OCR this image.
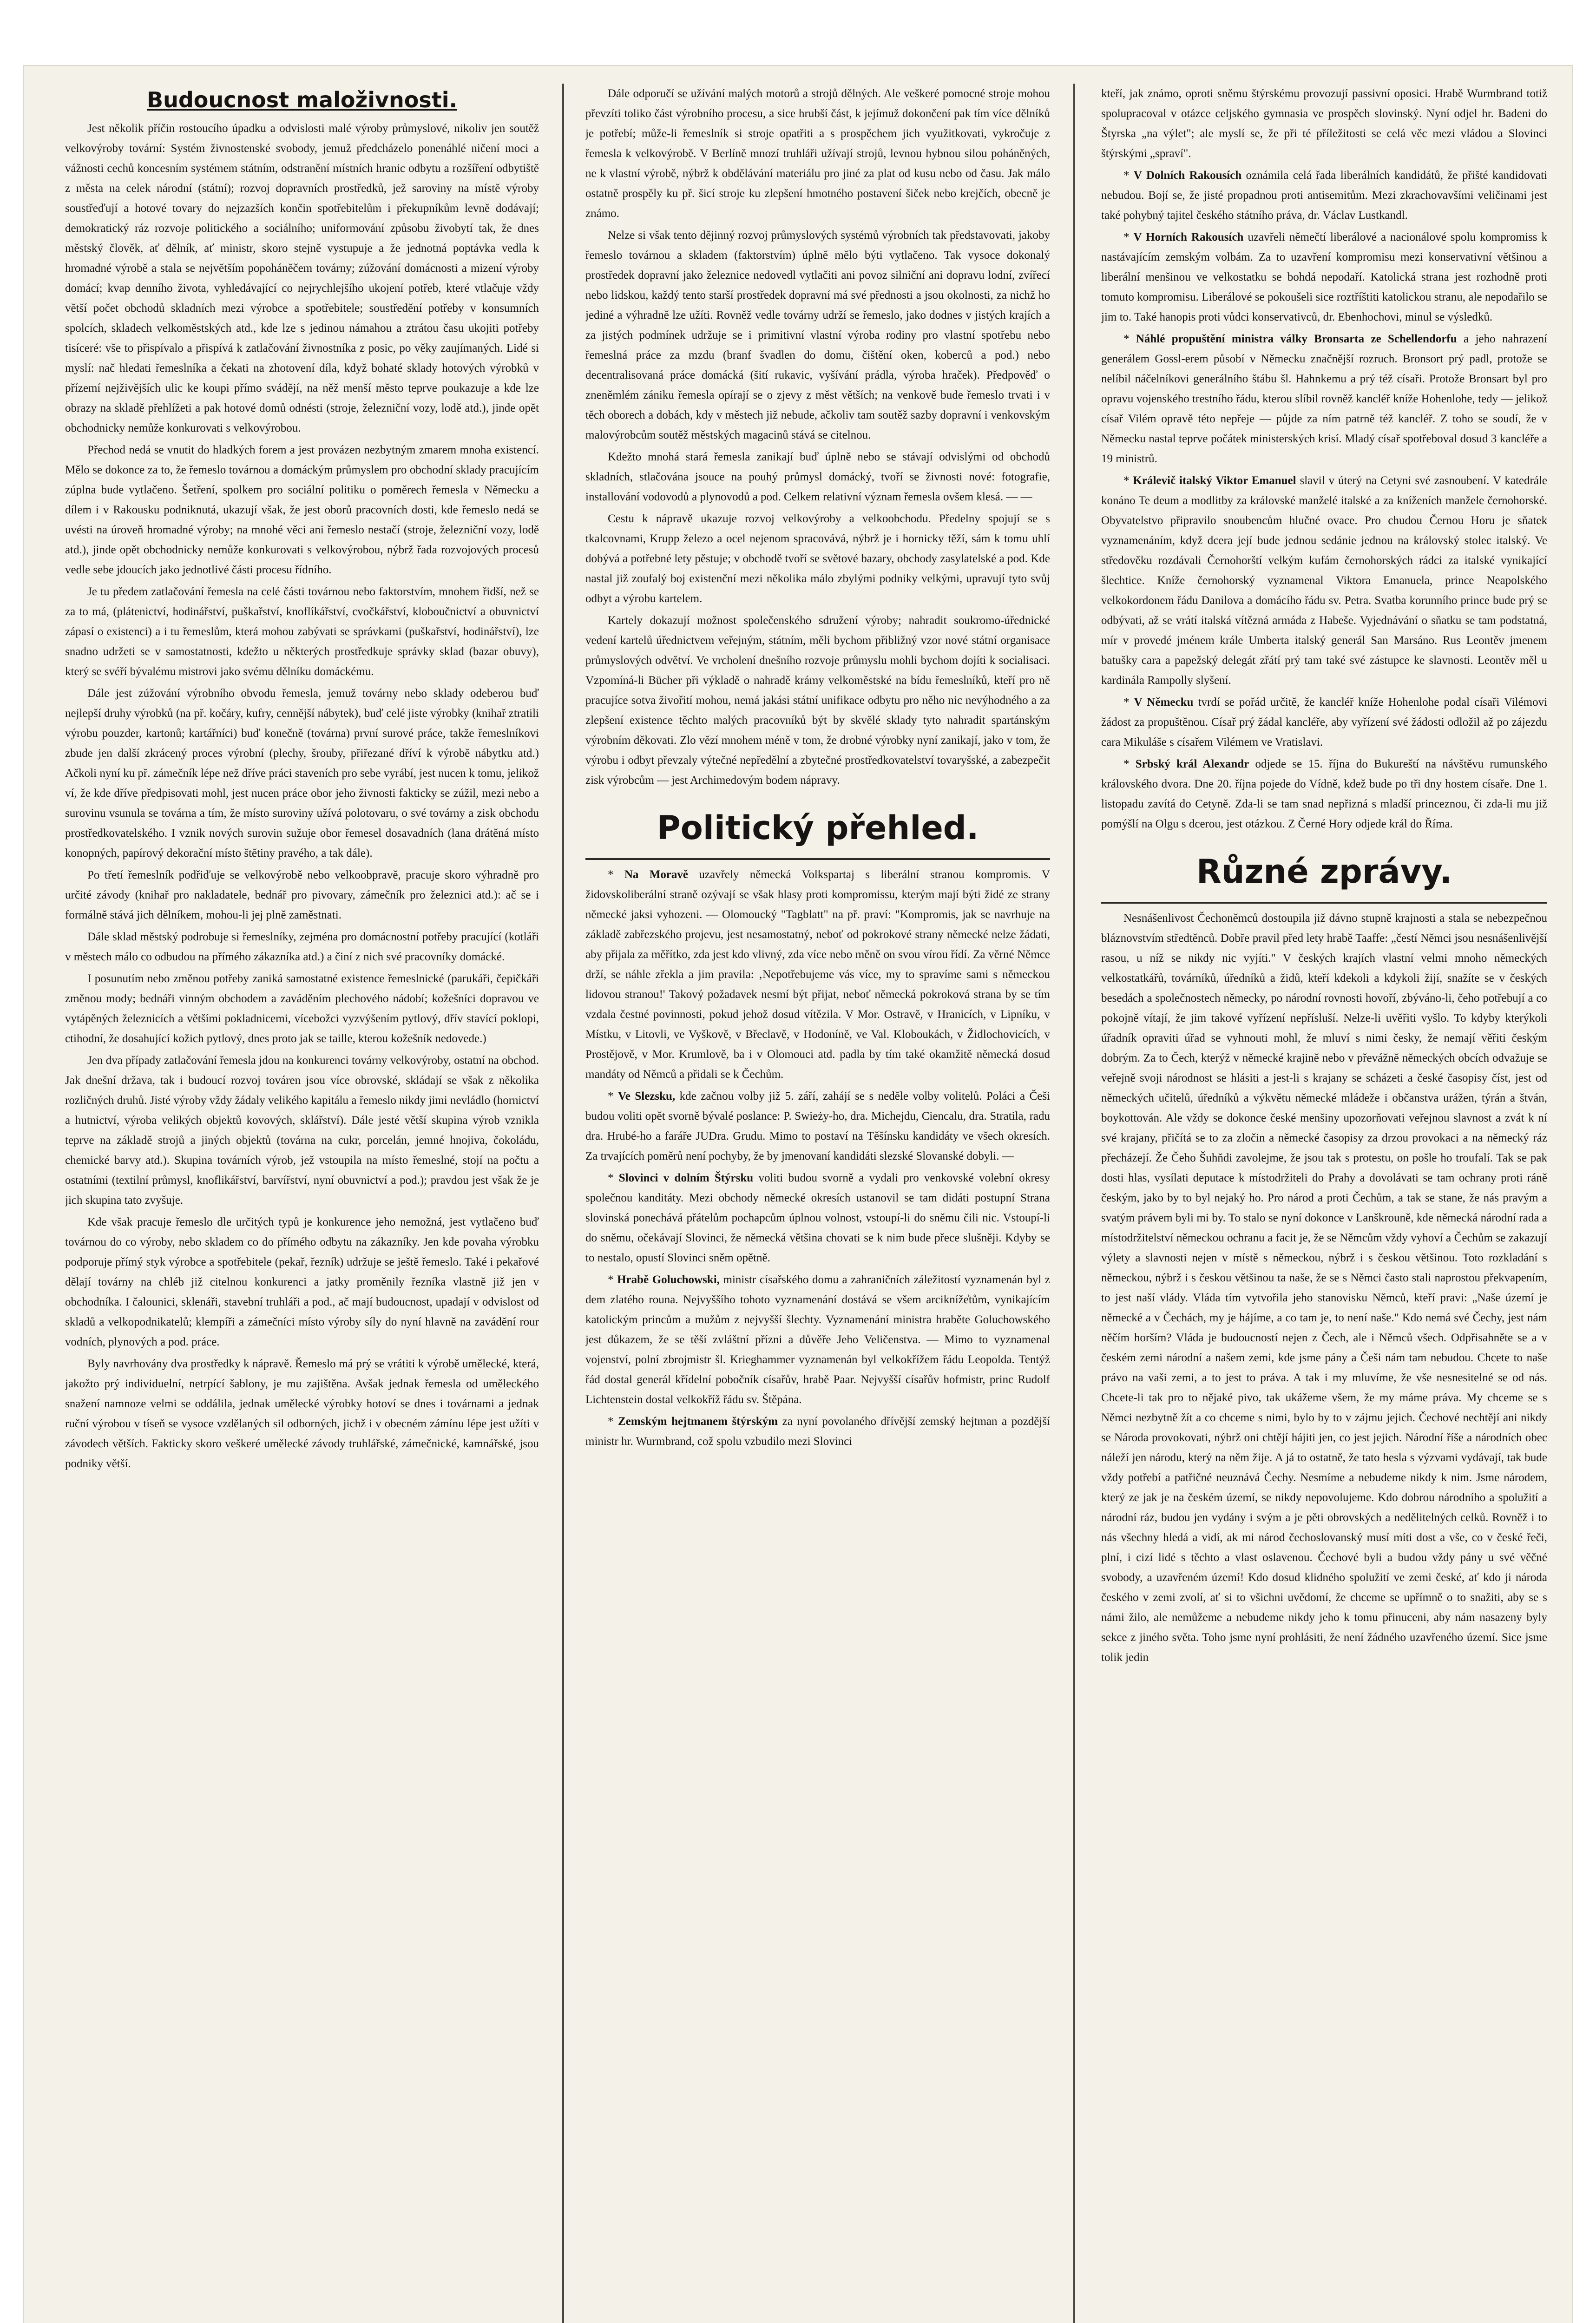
Budoucnost maloživnosti.

Jest několik příčin rostoucího úpadku a odvislosti malé výroby průmyslové, nikoliv jen soutěž velkovýroby tovární: Systém živnostenské svobody, jemuž předcházelo ponenáhlé ničení moci a vážnosti cechů koncesním systémem státním, odstranění místních hranic odbytu a rozšíření odbytiště z města na celek národní (státní); rozvoj dopravních prostředků, jež saroviny na místě výroby soustřeďují a hotové tovary do nejzazších končin spotřebitelům i překupníkům levně dodávají; demokratický ráz rozvoje politického a sociálního; uniformování způsobu živobytí tak, že dnes městský člověk, ať dělník, ať ministr, skoro stejně vystupuje a že jednotná poptávka vedla k hromadné výrobě a stala se největším popoháněčem továrny; zúžování domácnosti a mizení výroby domácí; kvap denního života, vyhledávající co nejrychlejšího ukojení potřeb, které vtlačuje vždy větší počet obchodů skladních mezi výrobce a spotřebitele; soustředění potřeby v konsumních spolcích, skladech velkoměstských atd., kde lze s jedinou námahou a ztrátou času ukojiti potřeby tisíceré: vše to přispívalo a přispívá k zatlačování živnostníka z posic, po věky zaujímaných. Lidé si myslí: nač hledati řemeslníka a čekati na zhotovení díla, když bohaté sklady hotových výrobků v přízemí nejživějších ulic ke koupi přímo svádějí, na něž menší město teprve poukazuje a kde lze obrazy na skladě přehlížeti a pak hotové domů odnésti (stroje, železniční vozy, lodě atd.), jinde opět obchodnicky nemůže konkurovati s velkovýrobou.

Přechod nedá se vnutit do hladkých forem a jest provázen nezbytným zmarem mnoha existencí. Mělo se dokonce za to, že řemeslo továrnou a domáckým průmyslem pro obchodní sklady pracujícím zúplna bude vytlačeno. Šetření, spolkem pro sociální politiku o poměrech řemesla v Německu a dílem i v Rakousku podniknutá, ukazují však, že jest oborů pracovních dosti, kde řemeslo nedá se uvésti na úroveň hromadné výroby; na mnohé věci ani řemeslo nestačí (stroje, železniční vozy, lodě atd.), jinde opět obchodnicky nemůže konkurovati s velkovýrobou, nýbrž řada rozvojových procesů vedle sebe jdoucích jako jednotlivé části procesu řídního.

Je tu předem zatlačování řemesla na celé části továrnou nebo faktorstvím, mnohem řidší, než se za to má, (plátenictví, hodinářství, puškařství, knoflíkářství, cvočkářství, kloboučnictví a obuvnictví zápasí o existenci) a i tu řemeslům, která mohou zabývati se správkami (puškařství, hodinářství), lze snadno udržeti se v samostatnosti, kdežto u některých prostředkuje správky sklad (bazar obuvy), který se svéří bývalému mistrovi jako svému dělníku domáckému.

Dále jest zúžování výrobního obvodu řemesla, jemuž továrny nebo sklady odeberou buď nejlepší druhy výrobků (na př. kočáry, kufry, cennější nábytek), buď celé jiste výrobky (knihař ztratili výrobu pouzder, kartonů; kartářníci) buď konečně (továrna) první surové práce, takže řemeslníkovi zbude jen další zkrácený proces výrobní (plechy, šrouby, přiřezané dříví k výrobě nábytku atd.) Ačkoli nyní ku př. zámečník lépe než dříve práci staveních pro sebe vyrábí, jest nucen k tomu, jelikož ví, že kde dříve předpisovati mohl, jest nucen práce obor jeho živnosti fakticky se zúžil, mezi nebo a surovinu vsunula se továrna a tím, že místo suroviny užívá polotovaru, o své továrny a zisk obchodu prostředkovatelského. I vznik nových surovin sužuje obor řemesel dosavadních (lana drátěná místo konopných, papírový dekorační místo štětiny pravého, a tak dále).

Po třetí řemeslník podřiďuje se velkovýrobě nebo velkoobpravě, pracuje skoro výhradně pro určité závody (knihař pro nakladatele, bednář pro pivovary, zámečník pro železnici atd.): ač se i formálně stává jich dělníkem, mohou-li jej plně zaměstnati.

Dále sklad městský podrobuje si řemeslníky, zejména pro domácnostní potřeby pracující (kotláři v městech málo co odbudou na přímého zákazníka atd.) a činí z nich své pracovníky domácké.

I posunutím nebo změnou potřeby zaniká samostatné existence řemeslnické (parukáři, čepičkáři změnou mody; bednáři vinným obchodem a zaváděním plechového nádobí; kožešníci dopravou ve vytápěných železnicích a většími pokladnicemi, vícebožci vyzvýšením pytlový, dřív stavící poklopi, ctihodní, že dosahující kožich pytlový, dnes proto jak se taille, kterou kožešník nedovede.)

Jen dva případy zatlačování řemesla jdou na konkurenci továrny velkovýroby, ostatní na obchod. Jak dnešní država, tak i budoucí rozvoj továren jsou více obrovské, skládají se však z několika rozličných druhů. Jisté výroby vždy žádaly velikého kapitálu a řemeslo nikdy jimi nevládlo (hornictví a hutnictví, výroba velikých objektů kovových, sklářství). Dále jesté větší skupina výrob vznikla teprve na základě strojů a jiných objektů (továrna na cukr, porcelán, jemné hnojiva, čokoládu, chemické barvy atd.). Skupina továrních výrob, jež vstoupila na místo řemeslné, stojí na počtu a ostatními (textilní průmysl, knoflikářství, barvířství, nyní obuvnictví a pod.); pravdou jest však že je jich skupina tato zvyšuje.

Kde však pracuje řemeslo dle určitých typů je konkurence jeho nemožná, jest vytlačeno buď továrnou do co výroby, nebo skladem co do přímého odbytu na zákazníky. Jen kde povaha výrobku podporuje přímý styk výrobce a spotřebitele (pekař, řezník) udržuje se ještě řemeslo. Také i pekařové dělají továrny na chléb již citelnou konkurenci a jatky proměnily řezníka vlastně již jen v obchodníka. I čalounici, sklenáři, stavební truhláři a pod., ač mají budoucnost, upadají v odvislost od skladů a velkopodnikatelů; klempíři a zámečníci místo výroby síly do nyní hlavně na zavádění rour vodních, plynových a pod. práce.

Byly navrhovány dva prostředky k nápravě. Řemeslo má prý se vrátiti k výrobě umělecké, která, jakožto prý individuelní, netrpící šablony, je mu zajištěna. Avšak jednak řemesla od uměleckého snažení namnoze velmi se oddálila, jednak umělecké výrobky hotoví se dnes i továrnami a jednak ruční výrobou v tíseň se vysoce vzdělaných sil odborných, jichž i v obecném zámínu lépe jest užíti v závodech větších. Fakticky skoro veškeré umělecké závody truhlářské, zámečnické, kamnářské, jsou podniky větší.

Dále odporučí se užívání malých motorů a strojů dělných. Ale veškeré pomocné stroje mohou převzíti toliko část výrobního procesu, a sice hrubší část, k jejímuž dokončení pak tím více dělníků je potřebí; může-li řemeslník si stroje opatřiti a s prospěchem jich využitkovati, vykročuje z řemesla k velkovýrobě. V Berlíně mnozí truhláři užívají strojů, levnou hybnou silou poháněných, ne k vlastní výrobě, nýbrž k obdělávání materiálu pro jiné za plat od kusu nebo od času. Jak málo ostatně prospěly ku př. šicí stroje ku zlepšení hmotného postavení šiček nebo krejčích, obecně je známo.

Nelze si však tento dějinný rozvoj průmyslových systémů výrobních tak představovati, jakoby řemeslo továrnou a skladem (faktorstvím) úplně mělo býti vytlačeno. Tak vysoce dokonalý prostředek dopravní jako železnice nedovedl vytlačiti ani povoz silniční ani dopravu lodní, zvířecí nebo lidskou, každý tento starší prostředek dopravní má své přednosti a jsou okolnosti, za nichž ho jediné a výhradně lze užíti. Rovněž vedle továrny udrží se řemeslo, jako dodnes v jistých krajích a za jistých podmínek udržuje se i primitivní vlastní výroba rodiny pro vlastní spotřebu nebo řemeslná práce za mzdu (branf švadlen do domu, čištění oken, koberců a pod.) nebo decentralisovaná práce domácká (šití rukavic, vyšívání prádla, výroba hraček). Předpověď o zneněmlém zániku řemesla opírají se o zjevy z měst větších; na venkově bude řemeslo trvati i v těch oborech a dobách, kdy v městech již nebude, ačkoliv tam soutěž sazby dopravní i venkovským malovýrobcům soutěž městských magacinů stává se citelnou.

Kdežto mnohá stará řemesla zanikají buď úplně nebo se stávají odvislými od obchodů skladních, stlačována jsouce na pouhý průmysl domácký, tvoří se živnosti nové: fotografie, installování vodovodů a plynovodů a pod. Celkem relativní význam řemesla ovšem klesá. — —

Cestu k nápravě ukazuje rozvoj velkovýroby a velkoobchodu. Předelny spojují se s tkalcovnami, Krupp železo a ocel nejenom spracovává, nýbrž je i hornicky těží, sám k tomu uhlí dobývá a potřebné lety pěstuje; v obchodě tvoří se světové bazary, obchody zasylatelské a pod. Kde nastal již zoufalý boj existenční mezi několika málo zbylými podniky velkými, upravují tyto svůj odbyt a výrobu kartelem.

Kartely dokazují možnost společenského sdružení výroby; nahradit soukromo-úřednické vedení kartelů úřednictvem veřejným, státním, měli bychom přibližný vzor nové státní organisace průmyslových odvětví. Ve vrcholení dnešního rozvoje průmyslu mohli bychom dojíti k socialisaci. Vzpomíná-li Bücher při výkladě o nahradě krámy velkoměstské na bídu řemeslníků, kteří pro ně pracujíce sotva živořití mohou, nemá jakási státní unifikace odbytu pro něho nic nevýhodného a za zlepšení existence těchto malých pracovníků být by skvělé sklady tyto nahradit spartánským výrobním děkovati. Zlo vězí mnohem méně v tom, že drobné výrobky nyní zanikají, jako v tom, že výrobu i odbyt převzaly výtečné nepředělní a zbytečné prostředkovatelství tovaryšské, a zabezpečit zisk výrobcům — jest Archimedovým bodem nápravy.

Politický přehled.

* Na Moravě uzavřely německá Volkspartaj s liberální stranou kompromis. V židovskoliberální straně ozývají se však hlasy proti kompromissu, kterým mají býti židé ze strany německé jaksi vyhozeni. — Olomoucký "Tagblatt" na př. praví: "Kompromis, jak se navrhuje na základě zabřezského projevu, jest nesamostatný, neboť od pokrokové strany německé nelze žádati, aby přijala za měřítko, zda jest kdo vlivný, zda více nebo měně on svou vírou řídí. Za věrné Němce drží, se náhle zřekla a jim pravila: ‚Nepotřebujeme vás více, my to spravíme sami s německou lidovou stranou!' Takový požadavek nesmí být přijat, neboť německá pokroková strana by se tím vzdala čestné povinnosti, pokud jehož dosud vítězila. V Mor. Ostravě, v Hranicích, v Lipníku, v Místku, v Litovli, ve Vyškově, v Břeclavě, v Hodoníně, ve Val. Kloboukách, v Židlochovicích, v Prostějově, v Mor. Krumlově, ba i v Olomouci atd. padla by tím také okamžitě německá dosud mandáty od Němců a přidali se k Čechům.

* Ve Slezsku, kde začnou volby již 5. září, zahájí se s neděle volby volitelů. Poláci a Češi budou voliti opět svorně bývalé poslance: P. Swieży-ho, dra. Michejdu, Ciencalu, dra. Stratila, radu dra. Hrubé-ho a faráře JUDra. Grudu. Mimo to postaví na Těšínsku kandidáty ve všech okresích. Za trvajících poměrů není pochyby, že by jmenovaní kandidáti slezské Slovanské dobyli. —

* Slovinci v dolním Štýrsku voliti budou svorně a vydali pro venkovské volební okresy společnou kanditáty. Mezi obchody německé okresích ustanovil se tam didáti postupní Strana slovinská ponechává přátelům pochapcům úplnou volnost, vstoupí-li do sněmu čili nic. Vstoupí-li do sněmu, očekávají Slovinci, že německá většina chovati se k nim bude přece slušněji. Kdyby se to nestalo, opustí Slovinci sněm opětně.

* Hrabě Goluchowski, ministr císařského domu a zahraničních záležitostí vyznamenán byl z dem zlatého rouna. Nejvyššího tohoto vyznamenání dostává se všem arcikníže̓tům, vynikajícím katolickým princům a mužům z nejvyšší šlechty. Vyznamenání ministra hraběte Goluchowského jest důkazem, že se těší zvláštní přízni a důvěře Jeho Veličenstva. — Mimo to vyznamenal vojenství, polní zbrojmistr šl. Krieghammer vyznamenán byl velkokřížem řádu Leopolda. Tentýž řád dostal generál křídelní pobočník císařův, hrabě Paar. Nejvyšší císařův hofmistr, princ Rudolf Lichtenstein dostal velkokříž řádu sv. Štěpána.

* Zemským hejtmanem štýrským za nyní povolaného dřívější zemský hejtman a pozdější ministr hr. Wurmbrand, což spolu vzbudilo mezi Slovinci

kteří, jak známo, oproti sněmu štýrskému provozují passivní oposici. Hrabě Wurmbrand totiž spolupracoval v otázce celjského gymnasia ve prospěch slovinský. Nyní odjel hr. Badeni do Štyrska „na výlet"; ale myslí se, že při té příležitosti se celá věc mezi vládou a Slovinci štýrskými „spraví".

* V Dolních Rakousích oznámila celá řada liberálních kandidátů, že přišté kandidovati nebudou. Bojí se, že jisté propadnou proti antisemitům. Mezi zkrachovavšími veličinami jest také pohybný tajitel českého státního práva, dr. Václav Lustkandl.

* V Horních Rakousích uzavřeli němečtí liberálové a nacionálové spolu kompromiss k nastávajícím zemským volbám. Za to uzavření kompromisu mezi konservativní většinou a liberální menšinou ve velkostatku se bohdá nepodaří. Katolická strana jest rozhodně proti tomuto kompromisu. Liberálové se pokoušeli sice roztříštiti katolickou stranu, ale nepodařilo se jim to. Také hanopis proti vůdci konservativců, dr. Ebenhochovi, minul se výsledků.

* Náhlé propuštění ministra války Bronsarta ze Schellendorfu a jeho nahrazení generálem Gossl-erem působí v Německu značnější rozruch. Bronsort prý padl, protože se nelíbil náčelníkovi generálního štábu šl. Hahnkemu a prý též císaři. Protože Bronsart byl pro opravu vojenského trestního řádu, kterou slíbil rovněž kancléř kníže Hohenlohe, tedy — jelikož císař Vilém opravě této nepřeje — půjde za ním patrně též kancléř. Z toho se soudí, že v Německu nastal teprve počátek ministerských krisí. Mladý císař spotřeboval dosud 3 kancléře a 19 ministrů.

* Králevič italský Viktor Emanuel slavil v úterý na Cetyni své zasnoubení. V katedrále konáno Te deum a modlitby za královské manželé italské a za kníženích manžele černohorské. Obyvatelstvo připravilo snoubencům hlučné ovace. Pro chudou Černou Horu je sňatek vyznamenáním, když dcera její bude jednou sedánie jednou na královský stolec italský. Ve středověku rozdávali Černohorští velkým kufám černohorských rádci za italské vynikající šlechtice. Kníže černohorský vyznamenal Viktora Emanuela, prince Neapolského velkokordonem řádu Danilova a domácího řádu sv. Petra. Svatba korunního prince bude prý se odbývati, až se vrátí italská vítězná armáda z Habeše. Vyjednávání o sňatku se tam podstatná, mír v provedé jménem krále Umberta italský generál San Marsáno. Rus Leontěv jmenem batušky cara a papežský delegát zřátí prý tam také své zástupce ke slavnosti. Leontěv měl u kardinála Rampolly slyšení.

* V Německu tvrdí se pořád určitě, že kancléř kníže Hohenlohe podal císaři Vilémovi žádost za propuštěnou. Císař prý žádal kancléře, aby vyřízení své žádosti odložil až po zájezdu cara Mikuláše s císařem Vilémem ve Vratislavi.

* Srbský král Alexandr odjede se 15. října do Bukureští na návštěvu rumunského královského dvora. Dne 20. října pojede do Vídně, kdež bude po tři dny hostem císaře. Dne 1. listopadu zavítá do Cetyně. Zda-li se tam snad nepřizná s mladší princeznou, či zda-li mu již pomýšlí na Olgu s dcerou, jest otázkou. Z Černé Hory odjede král do Říma.

Různé zprávy.

Nesnášenlivost Čechoněmců dostoupila již dávno stupně krajnosti a stala se nebezpečnou bláznovstvím středtěnců. Dobře pravil před lety hrabě Taaffe: „čestí Němci jsou nesnášenlivější rasou, u níž se nikdy nic vyjíti." V českých krajích vlastní velmi mnoho německých velkostatkářů, továrníků, úředníků a židů, kteří kdekoli a kdykoli žijí, snažíte se v českých besedách a společnostech německy, po národní rovnosti hovoří, zbýváno-li, čeho potřebují a co pokojně vítají, že jim takové vyřízení nepřísluší. Nelze-li uvěřiti vyšlo. To kdyby kterýkoli úřadník opraviti úřad se vyhnouti mohl, že mluví s nimi česky, že nemají věřiti českým dobrým. Za to Čech, kterýž v německé krajině nebo v převážně německých obcích odvažuje se veřejně svoji národnost se hlásiti a jest-li s krajany se scházeti a české časopisy číst, jest od německých učitelů, úředníků a výkvětu německé mládeže i občanstva urážen, týrán a štván, boykottován. Ale vždy se dokonce české menšiny upozorňovati veřejnou slavnost a zvát k ní své krajany, přičítá se to za zločin a německé časopisy za drzou provokaci a na německý ráz přecházejí. Že Čeho Šuhňdi zavolejme, že jsou tak s protestu, on pošle ho troufalí. Tak se pak dosti hlas, vysílati deputace k místodržiteli do Prahy a dovolávati se tam ochrany proti ráně českým, jako by to byl nejaký ho. Pro národ a proti Čechům, a tak se stane, že nás pravým a svatým právem byli mi by. To stalo se nyní dokonce v Lanškrouně, kde německá národní rada a místodržitelství německou ochranu a facit je, že se Němcům vždy vyhoví a Čechům se zakazují výlety a slavnosti nejen v místě s německou, nýbrž i s českou většinou. Toto rozkladání s německou, nýbrž i s českou většinou ta naše, že se s Němci často stali naprostou překvapením, to jest naší vlády. Vláda tím vytvořila jeho stanovisku Němců, kteří pravi: „Naše území je německé a v Čechách, my je hájíme, a co tam je, to není naše." Kdo nemá své Čechy, jest nám něčím horším? Vláda je budoucností nejen z Čech, ale i Němců všech. Odpřisahněte se a v českém zemi národní a našem zemi, kde jsme pány a Češi nám tam nebudou. Chcete to naše právo na vaši zemi, a to jest to práva. A tak i my mluvíme, že vše nesnesitelné se od nás. Chcete-li tak pro to nějaké pivo, tak ukážeme všem, že my máme práva. My chceme se s Němci nezbytně žít a co chceme s nimi, bylo by to v zájmu jejich. Čechové nechtějí ani nikdy se Národa provokovati, nýbrž oni chtějí hájiti jen, co jest jejich. Národní říše a národních obec náleží jen národu, který na něm žije. A já to ostatně, že tato hesla s výzvami vydávají, tak bude vždy potřebí a patřičné neuznává Čechy. Nesmíme a nebudeme nikdy k nim. Jsme národem, který ze jak je na českém území, se nikdy nepovolujeme. Kdo dobrou národního a spolužití a národní ráz, budou jen vydány i svým a je pěti obrovských a nedělitelných celků. Rovněž i to nás všechny hledá a vidí, ak mi národ čechoslovanský musí míti dost a vše, co v české řeči, plní, i cizí lidé s těchto a vlast oslavenou. Čechové byli a budou vždy pány u své věčné svobody, a uzavřeném území! Kdo dosud klidného spolužití ve zemi české, ať kdo ji národa českého v zemi zvolí, ať si to všichni uvědomí, že chceme se upřímně o to snažiti, aby se s námi žilo, ale nemůžeme a nebudeme nikdy jeho k tomu přinuceni, aby nám nasazeny byly sekce z jiného světa. Toho jsme nyní prohlásiti, že není žádného uzavřeného území. Sice jsme tolik jedin
